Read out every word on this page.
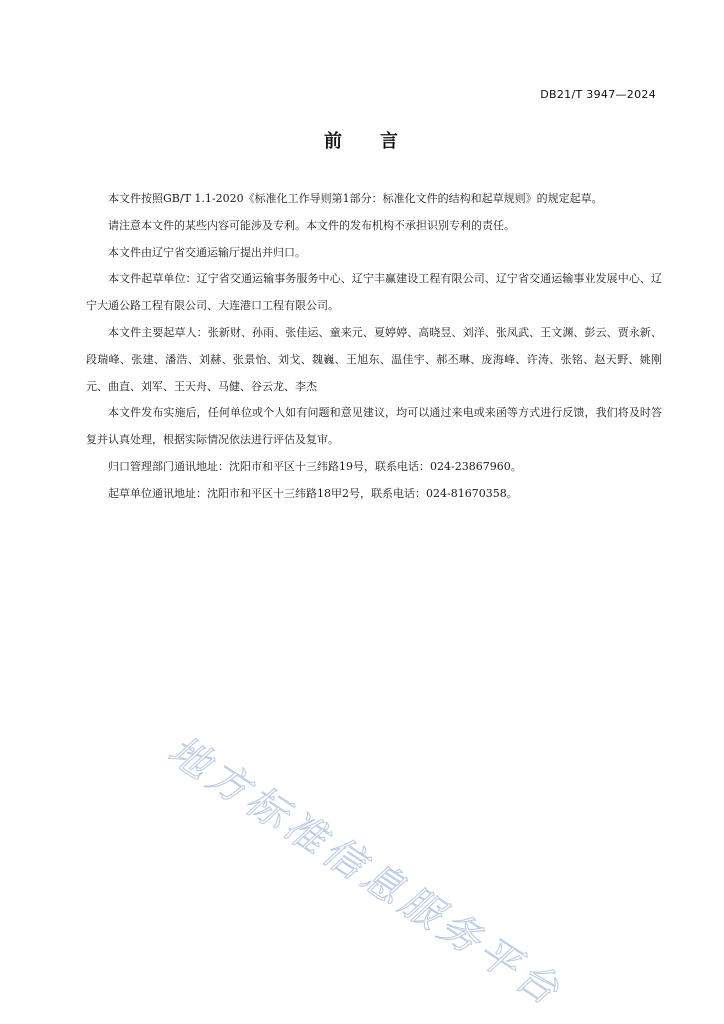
DB21/T 3947—2024
前 言

本文件按照GB/T 1.1-2020《标准化工作导则第1部分：标准化文件的结构和起草规则》的规定起草。

请注意本文件的某些内容可能涉及专利。本文件的发布机构不承担识别专利的责任。

本文件由辽宁省交通运输厅提出并归口。

本文件起草单位：辽宁省交通运输事务服务中心、辽宁丰赢建设工程有限公司、辽宁省交通运输事业发展中心、辽宁大通公路工程有限公司、大连港口工程有限公司。

本文件主要起草人：张新财、孙雨、张佳运、童来元、夏婷婷、高晓昱、刘洋、张凤武、王文渊、彭云、贾永新、段瑞峰、张建、潘浩、刘赫、张景怡、刘戈、魏巍、王旭东、温佳宇、郝丕琳、庞海峰、许涛、张铭、赵天野、姚刚元、曲直、刘军、王天舟、马健、谷云龙、李杰

本文件发布实施后，任何单位或个人如有问题和意见建议，均可以通过来电或来函等方式进行反馈，我们将及时答复并认真处理，根据实际情况依法进行评估及复审。

归口管理部门通讯地址：沈阳市和平区十三纬路19号，联系电话：024-23867960。

起草单位通讯地址：沈阳市和平区十三纬路18甲2号，联系电话：024-81670358。

地方标准信息服务平台
